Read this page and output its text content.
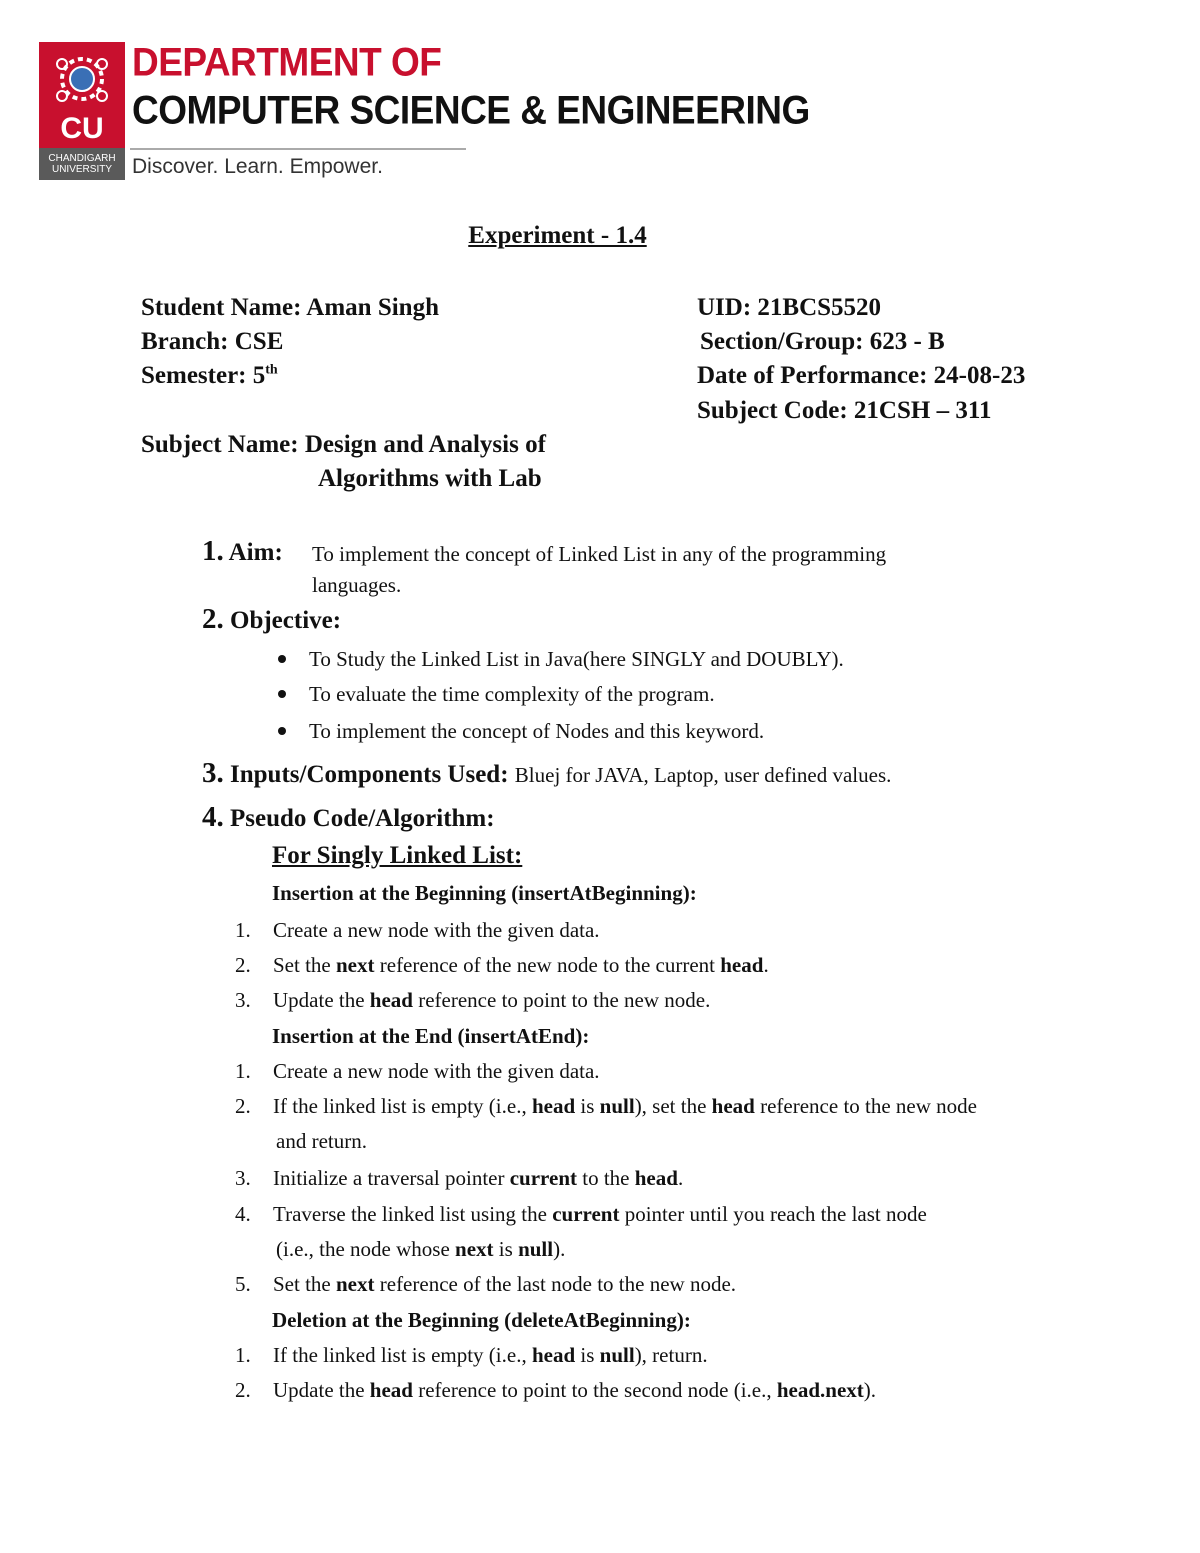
CU
CHANDIGARH
UNIVERSITY
DEPARTMENT OF
COMPUTER SCIENCE & ENGINEERING
Discover. Learn. Empower.
Experiment - 1.4
Student Name: Aman Singh	UID: 21BCS5520
Branch: CSE	Section/Group: 623 - B
Semester: 5th	Date of Performance: 24-08-23
Subject Code: 21CSH – 311
Subject Name: Design and Analysis of
Algorithms with Lab
1. Aim: To implement the concept of Linked List in any of the programming
languages.
2. Objective:
To Study the Linked List in Java(here SINGLY and DOUBLY).
To evaluate the time complexity of the program.
To implement the concept of Nodes and this keyword.
3. Inputs/Components Used: Bluej for JAVA, Laptop, user defined values.
4. Pseudo Code/Algorithm:
For Singly Linked List:
Insertion at the Beginning (insertAtBeginning):
1. Create a new node with the given data.
2. Set the next reference of the new node to the current head.
3. Update the head reference to point to the new node.
Insertion at the End (insertAtEnd):
1. Create a new node with the given data.
2. If the linked list is empty (i.e., head is null), set the head reference to the new node
and return.
3. Initialize a traversal pointer current to the head.
4. Traverse the linked list using the current pointer until you reach the last node
(i.e., the node whose next is null).
5. Set the next reference of the last node to the new node.
Deletion at the Beginning (deleteAtBeginning):
1. If the linked list is empty (i.e., head is null), return.
2. Update the head reference to point to the second node (i.e., head.next).
